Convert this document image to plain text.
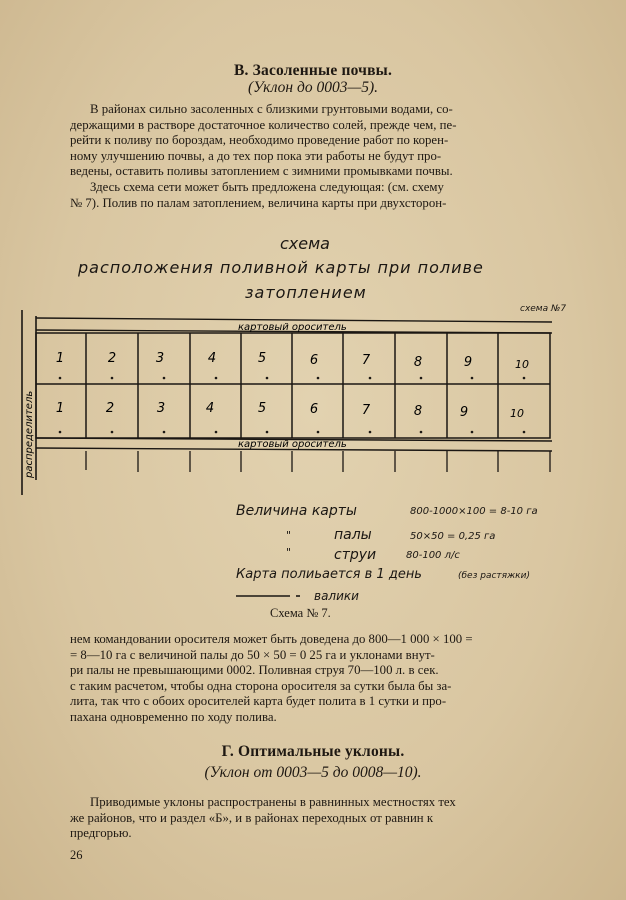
В. Засоленные почвы.
(Уклон до 0003—5).
В районах сильно засоленных с близкими грунтовыми водами, со-
держащими в растворе достаточное количество солей, прежде чем, пе-
рейти к поливу по бороздам, необходимо проведение работ по корен-
ному улучшению почвы, а до тех пор пока эти работы не будут про-
ведены, оставить поливы затоплением с зимними промывками почвы.
Здесь схема сети может быть предложена следующая: (см. схему
№ 7). Полив по палам затоплением, величина карты при двухсторон-
схема
расположения поливной карты при поливе
затоплением
схема №7
картовый ороситель
картовый ороситель
распределитель
1	2	3	4	5	6	7	8	9	10
1	2	3	4	5	6	7	8	9	10
Величина карты	800-1000×100 = 8-10 га
"	палы	50×50 = 0,25 га
"	струи	80-100 л/с
Карта полиьается в 1 день	(без растяжки)
валики
Схема № 7.
нем командовании оросителя может быть доведена до 800—1 000 × 100 =
= 8—10 га с величиной палы до 50 × 50 = 0 25 га и уклонами внут-
ри палы не превышающими 0002. Поливная струя 70—100 л. в сек.
с таким расчетом, чтобы одна сторона оросителя за сутки была бы за-
лита, так что с обоих оросителей карта будет полита в 1 сутки и про-
пахана одновременно по ходу полива.
Г. Оптимальные уклоны.
(Уклон от 0003—5 до 0008—10).
Приводимые уклоны распространены в равнинных местностях тех
же районов, что и раздел «Б», и в районах переходных от равнин к
предгорью.
26
